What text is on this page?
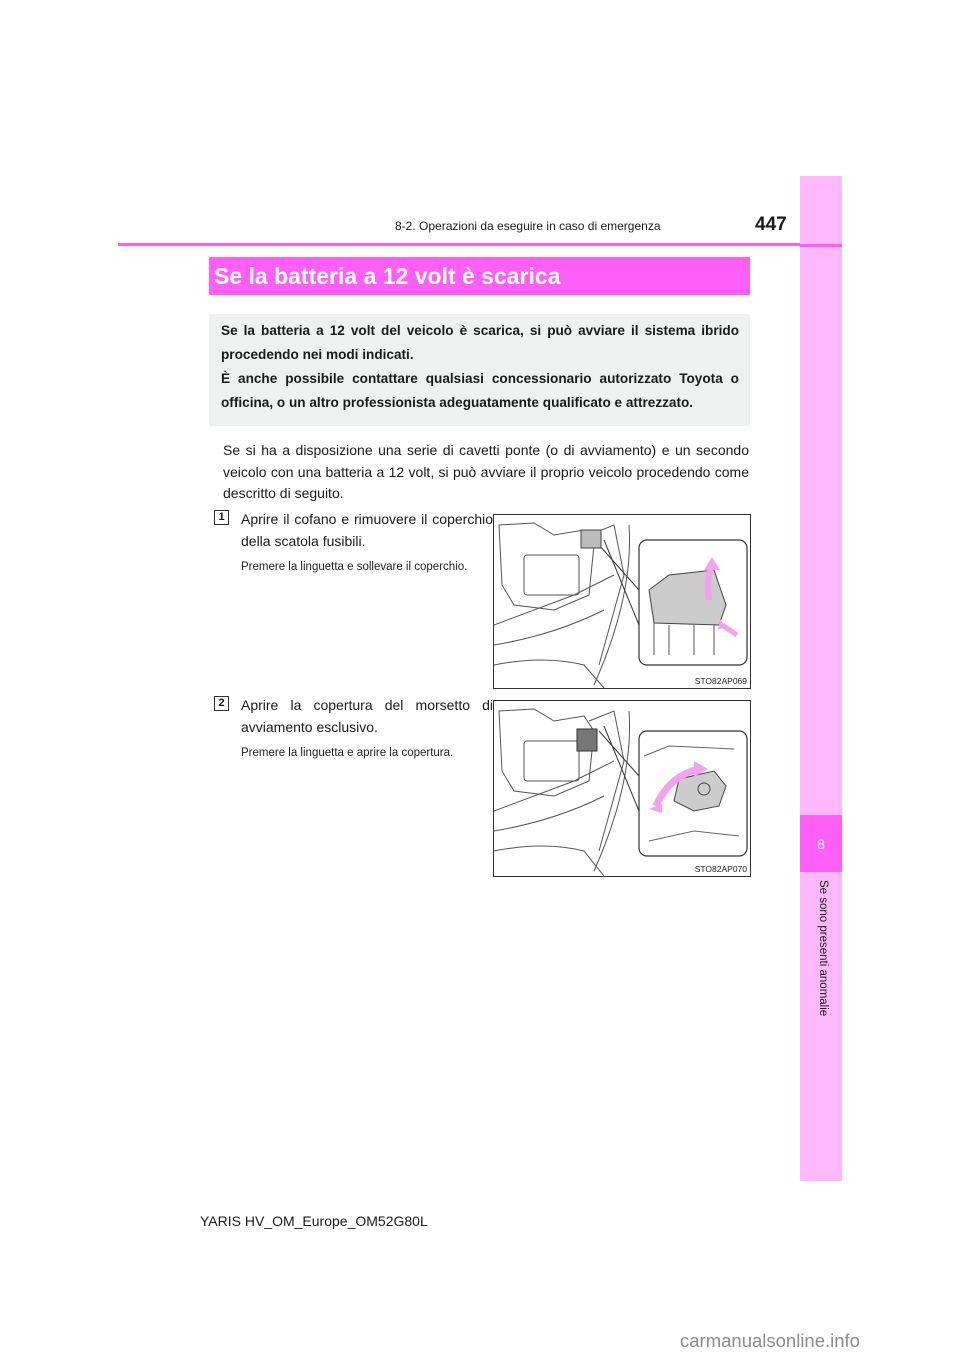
8
Se sono presenti anomalie
8-2. Operazioni da eseguire in caso di emergenza	447
Se la batteria a 12 volt è scarica
Se la batteria a 12 volt del veicolo è scarica, si può avviare il sistema ibrido procedendo nei modi indicati.
È anche possibile contattare qualsiasi concessionario autorizzato Toyota o officina, o un altro professionista adeguatamente qualificato e attrezzato.
Se si ha a disposizione una serie di cavetti ponte (o di avviamento) e un secondo veicolo con una batteria a 12 volt, si può avviare il proprio veicolo procedendo come descritto di seguito.
1	Aprire il cofano e rimuovere il coperchio della scatola fusibili.
Premere la linguetta e sollevare il coperchio.
STO82AP069
2	Aprire la copertura del morsetto di avviamento esclusivo.
Premere la linguetta e aprire la copertura.
STO82AP070
YARIS HV_OM_Europe_OM52G80L
carmanualsonline.info
